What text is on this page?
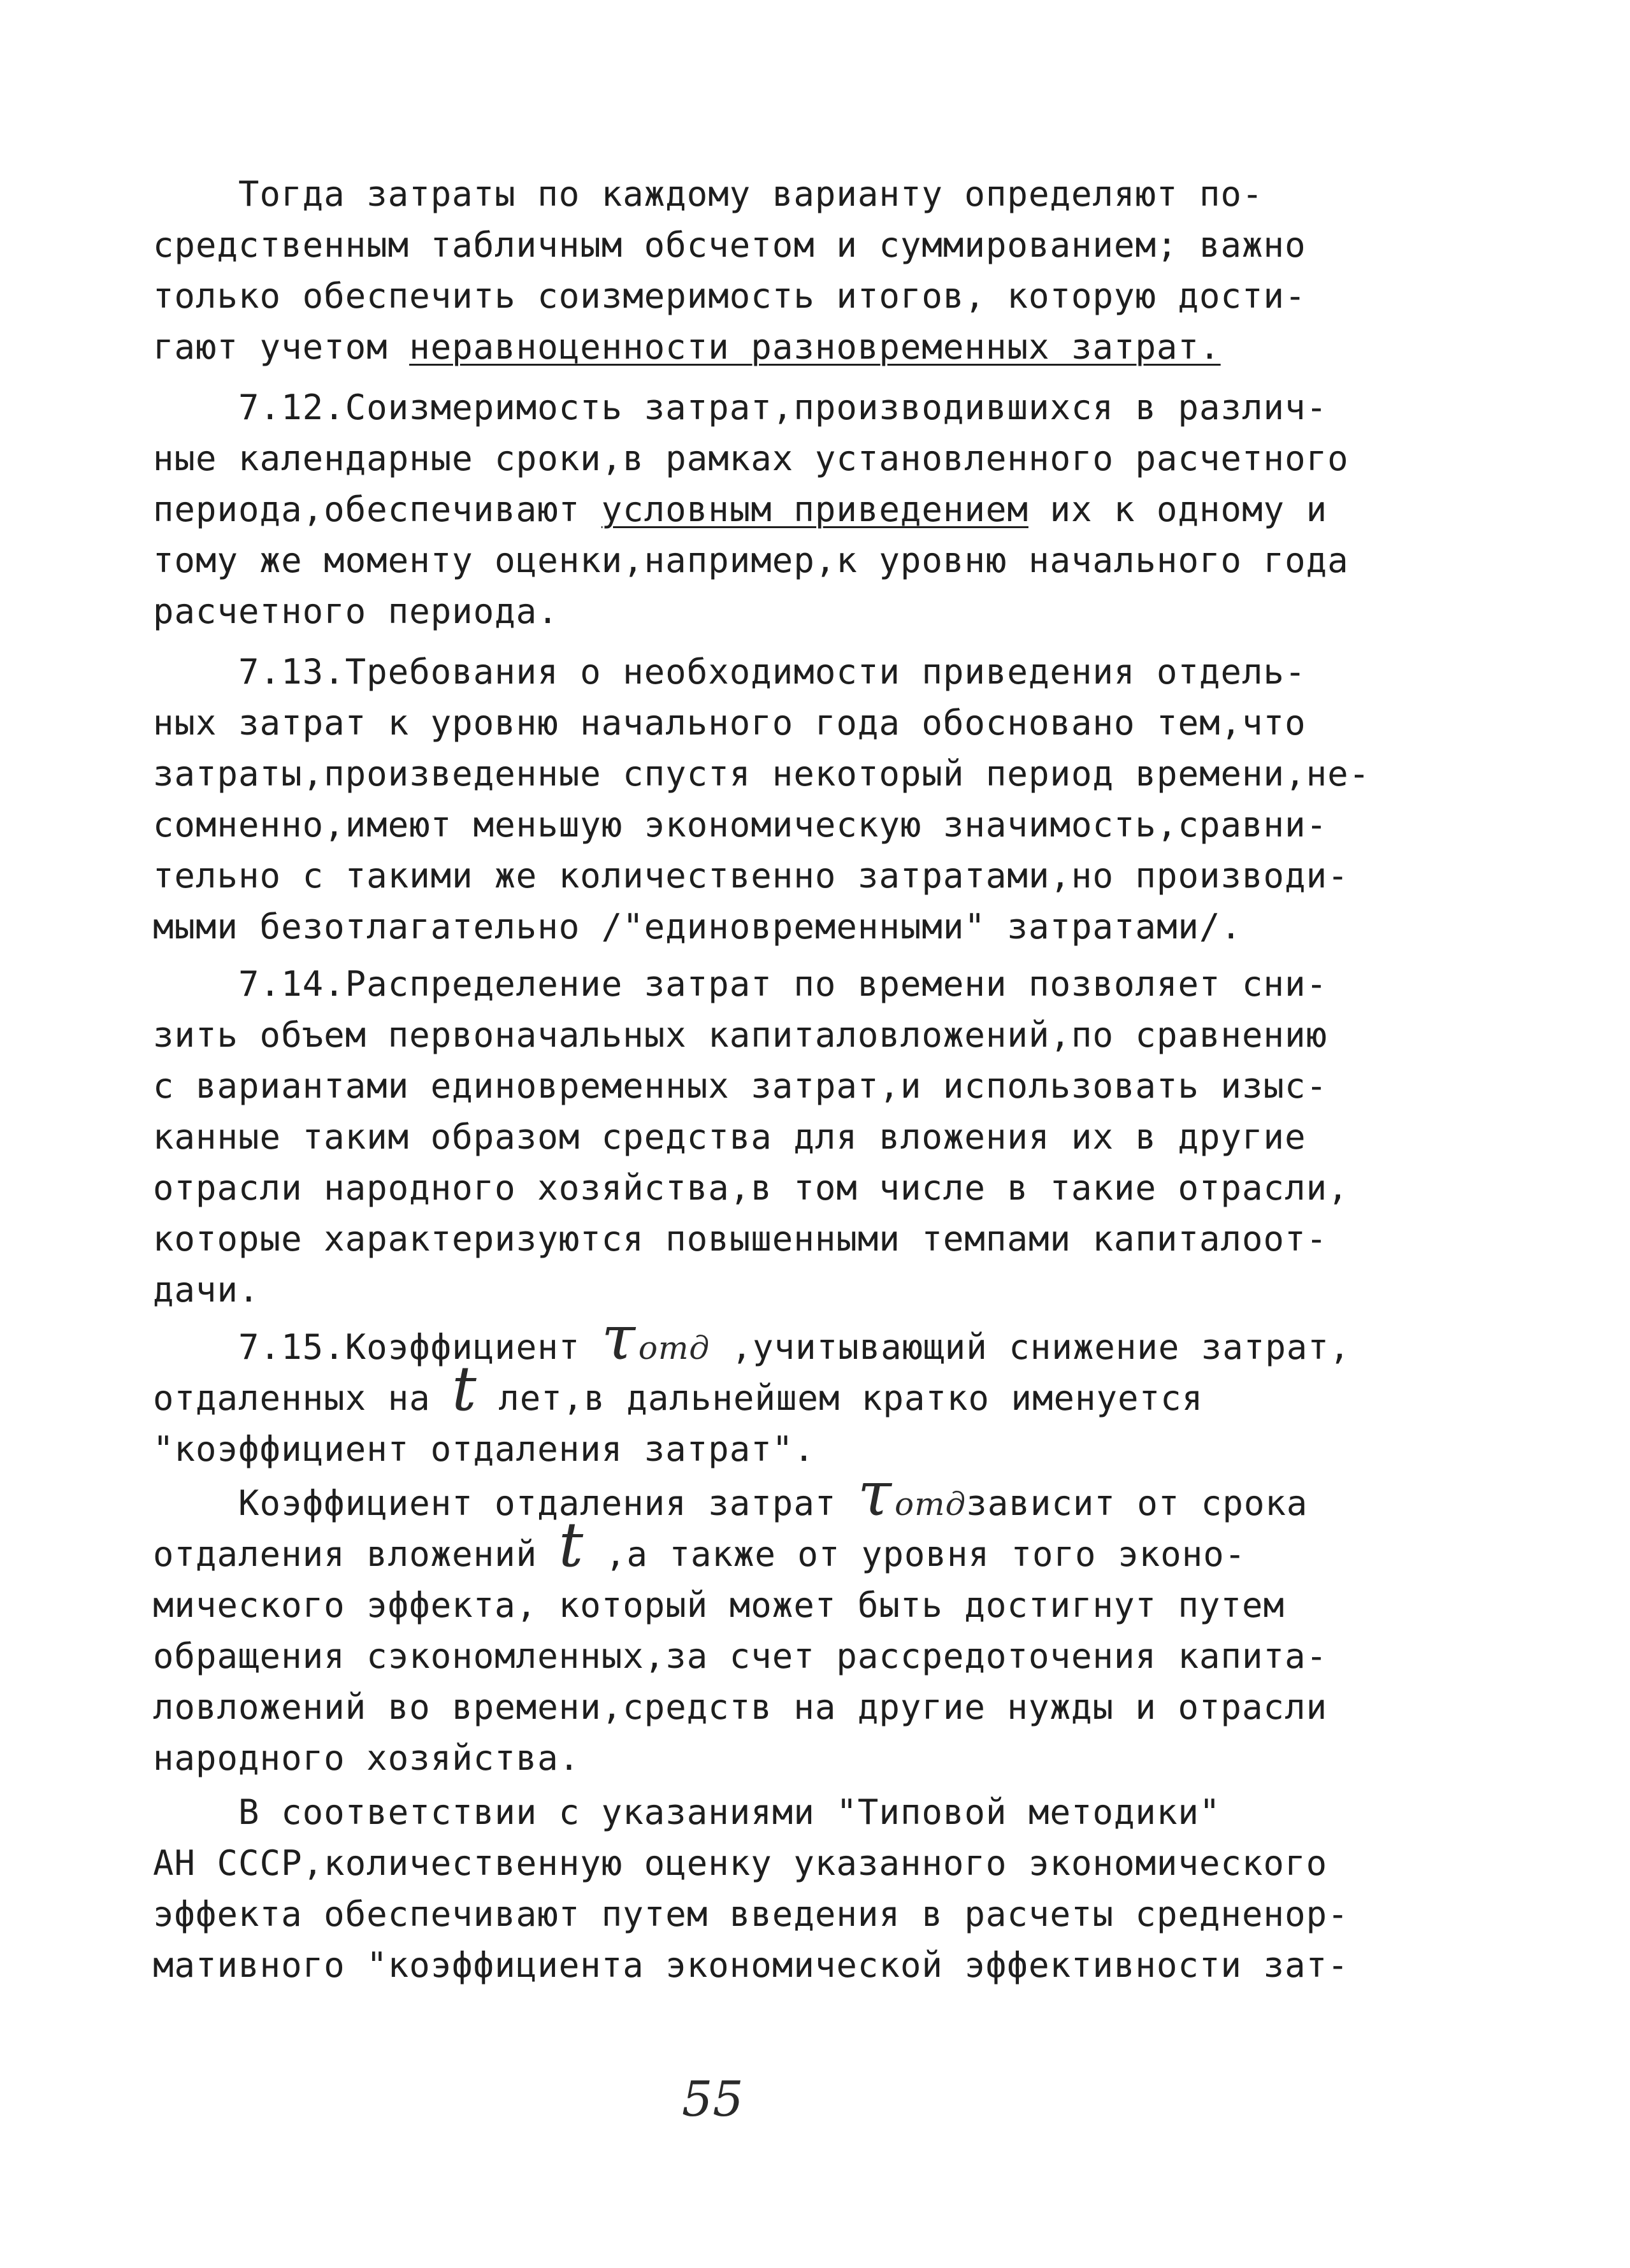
Тогда затраты по каждому варианту определяют по-
средственным табличным обсчетом и суммированием; важно
только обеспечить соизмеримость итогов, которую дости-
гают учетом неравноценности разновременных затрат.
7.12.Соизмеримость затрат,производившихся в различ-
ные календарные сроки,в рамках установленного расчетного
периода,обеспечивают условным приведением их к одному и
тому же моменту оценки,например,к уровню начального года
расчетного периода.
7.13.Требования о необходимости приведения отдель-
ных затрат к уровню начального года обосновано тем,что
затраты,произведенные спустя некоторый период времени,не-
сомненно,имеют меньшую экономическую значимость,сравни-
тельно с такими же количественно затратами,но производи-
мыми безотлагательно /"единовременными" затратами/.
7.14.Распределение затрат по времени позволяет сни-
зить объем первоначальных капиталовложений,по сравнению
с вариантами единовременных затрат,и использовать изыс-
канные таким образом средства для вложения их в другие
отрасли народного хозяйства,в том числе в такие отрасли,
которые характеризуются повышенными темпами капиталоот-
дачи.
7.15.Коэффициент τотд ,учитывающий снижение затрат,
отдаленных на t лет,в дальнейшем кратко именуется
"коэффициент отдаления затрат".
Коэффициент отдаления затрат τотдзависит от срока
отдаления вложений t ,а также от уровня того эконо-
мического эффекта, который может быть достигнут путем
обращения сэкономленных,за счет рассредоточения капита-
ловложений во времени,средств на другие нужды и отрасли
народного хозяйства.
В соответствии с указаниями "Типовой методики"
АН СССР,количественную оценку указанного экономического
эффекта обеспечивают путем введения в расчеты средненор-
мативного "коэффициента экономической эффективности зат-
55
